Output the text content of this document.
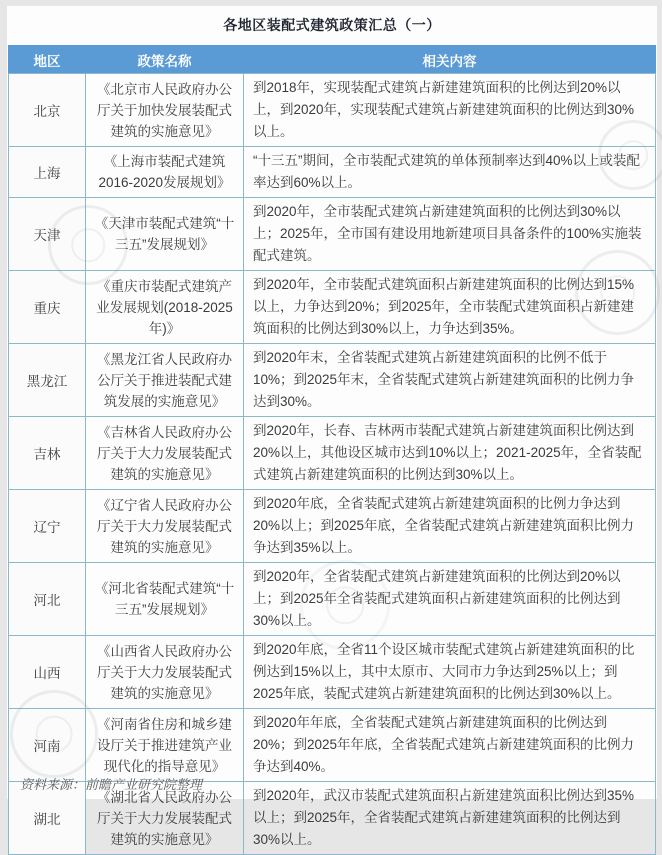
各地区装配式建筑政策汇总（一）
地区	政策名称	相关内容
北京	《北京市人民政府办公厅关于加快发展装配式建筑的实施意见》	到2018年，实现装配式建筑占新建建筑面积的比例达到20%以上，到2020年，实现装配式建筑占新建建筑面积的比例达到30%以上。
上海	《上海市装配式建筑2016-2020发展规划》	“十三五”期间，全市装配式建筑的单体预制率达到40%以上或装配率达到60%以上。
天津	《天津市装配式建筑“十三五”发展规划》	到2020年，全市装配式建筑占新建建筑面积的比例达到30%以上；2025年，全市国有建设用地新建项目具备条件的100%实施装配式建筑。
重庆	《重庆市装配式建筑产业发展规划(2018-2025年)》	到2020年，全市装配式建筑面积占新建建筑面积的比例达到15%以上，力争达到20%；到2025年，全市装配式建筑面积占新建建筑面积的比例达到30%以上，力争达到35%。
黑龙江	《黑龙江省人民政府办公厅关于推进装配式建筑发展的实施意见》	到2020年末，全省装配式建筑占新建建筑面积的比例不低于10%；到2025年末，全省装配式建筑占新建建筑面积的比例力争达到30%。
吉林	《吉林省人民政府办公厅关于大力发展装配式建筑的实施意见》	到2020年，长春、吉林两市装配式建筑占新建建筑面积比例达到20%以上，其他设区城市达到10%以上；2021-2025年，全省装配式建筑占新建建筑面积的比例达到30%以上。
辽宁	《辽宁省人民政府办公厅关于大力发展装配式建筑的实施意见》	到2020年底，全省装配式建筑占新建建筑面积的比例力争达到20%以上；到2025年底，全省装配式建筑占新建建筑面积比例力争达到35%以上。
河北	《河北省装配式建筑“十三五”发展规划》	到2020年，全省装配式建筑占新建建筑面积的比例达到20%以上；到2025年全省装配式建筑面积占新建建筑面积的比例达到30%以上。
山西	《山西省人民政府办公厅关于大力发展装配式建筑的实施意见》	到2020年底，全省11个设区城市装配式建筑占新建建筑面积的比例达到15%以上，其中太原市、大同市力争达到25%以上；到2025年底，装配式建筑占新建建筑面积的比例达到30%以上。
河南	《河南省住房和城乡建设厅关于推进建筑产业现代化的指导意见》	到2020年年底，全省装配式建筑占新建建筑面积的比例达到20%；到2025年年底，全省装配式建筑占新建建筑面积的比例力争达到40%。
湖北	《湖北省人民政府办公厅关于大力发展装配式建筑的实施意见》	到2020年，武汉市装配式建筑面积占新建建筑面积比例达到35%以上；到2025年，全省装配式建筑占新建建筑面积的比例达到30%以上。
资料来源：前瞻产业研究院整理
